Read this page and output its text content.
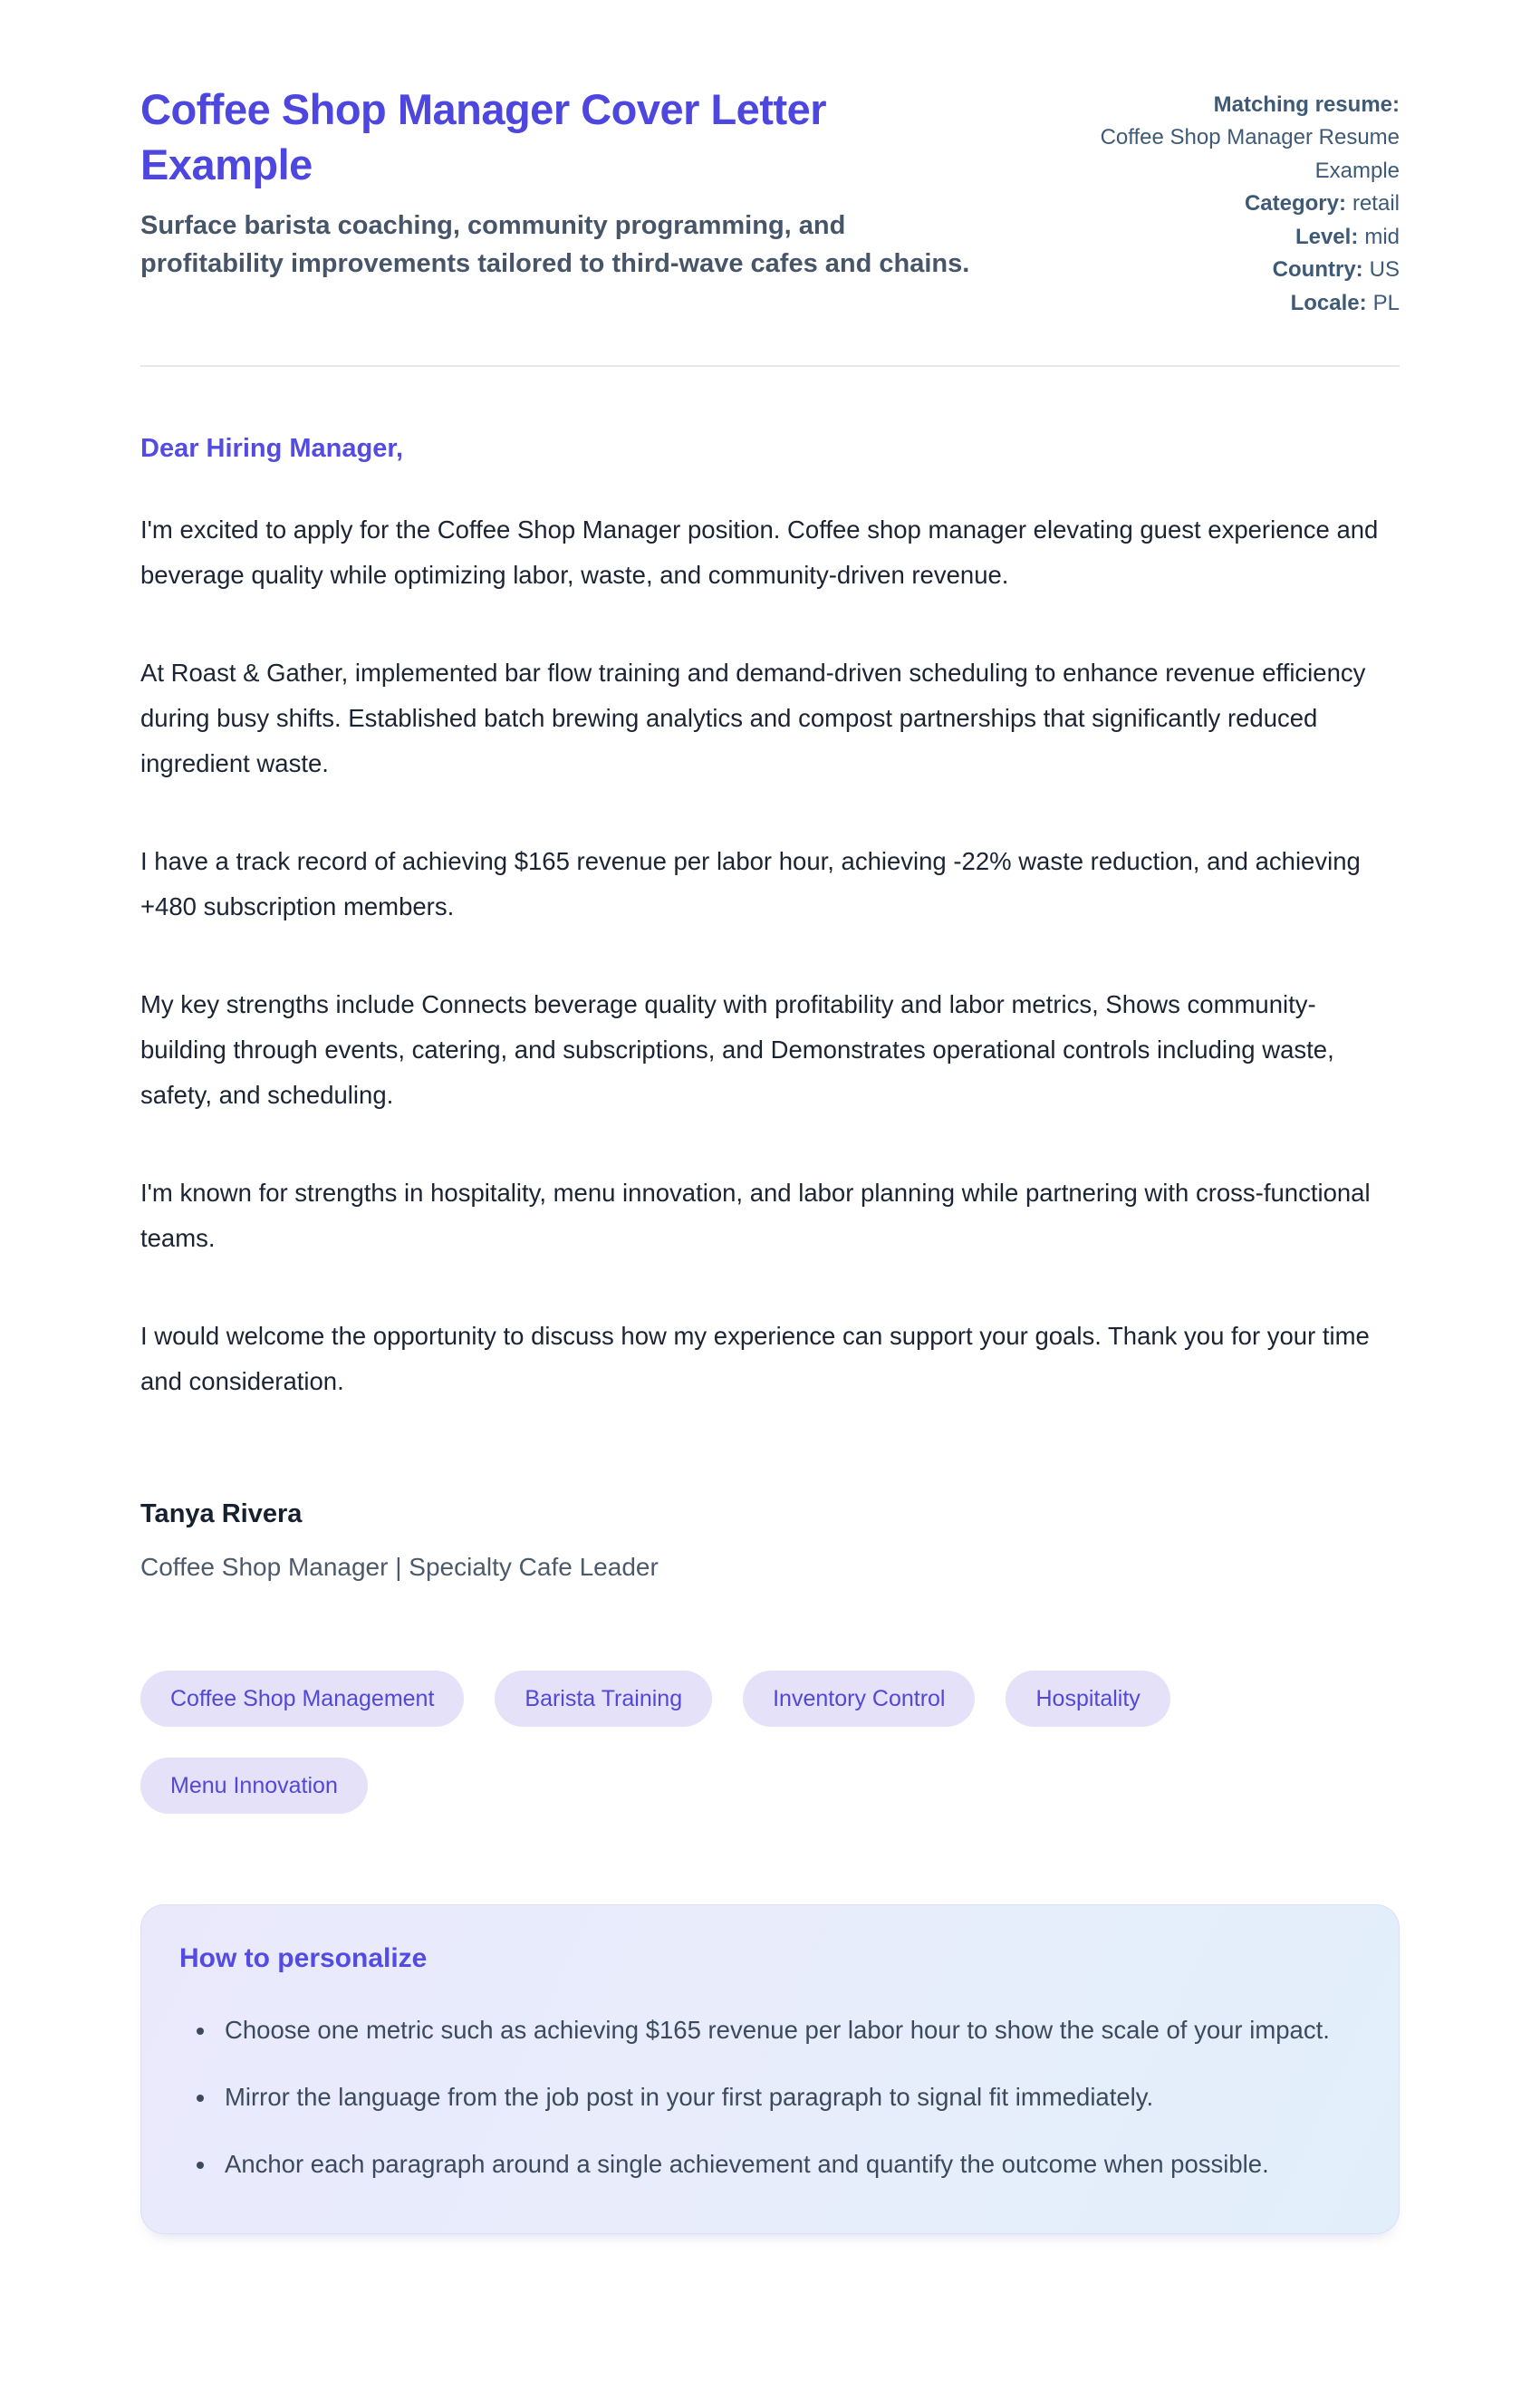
Coffee Shop Manager Cover Letter Example

Surface barista coaching, community programming, and profitability improvements tailored to third-wave cafes and chains.

Matching resume:
Coffee Shop Manager Resume Example
Category: retail
Level: mid
Country: US
Locale: PL
Dear Hiring Manager,

I'm excited to apply for the Coffee Shop Manager position. Coffee shop manager elevating guest experience and beverage quality while optimizing labor, waste, and community-driven revenue.

At Roast & Gather, implemented bar flow training and demand-driven scheduling to enhance revenue efficiency during busy shifts. Established batch brewing analytics and compost partnerships that significantly reduced ingredient waste.

I have a track record of achieving $165 revenue per labor hour, achieving -22% waste reduction, and achieving +480 subscription members.

My key strengths include Connects beverage quality with profitability and labor metrics, Shows community-building through events, catering, and subscriptions, and Demonstrates operational controls including waste, safety, and scheduling.

I'm known for strengths in hospitality, menu innovation, and labor planning while partnering with cross-functional teams.

I would welcome the opportunity to discuss how my experience can support your goals. Thank you for your time and consideration.

Tanya Rivera
Coffee Shop Manager | Specialty Cafe Leader
Coffee Shop Management	Barista Training	Inventory Control	Hospitality
Menu Innovation
How to personalize
• Choose one metric such as achieving $165 revenue per labor hour to show the scale of your impact.
• Mirror the language from the job post in your first paragraph to signal fit immediately.
• Anchor each paragraph around a single achievement and quantify the outcome when possible.
